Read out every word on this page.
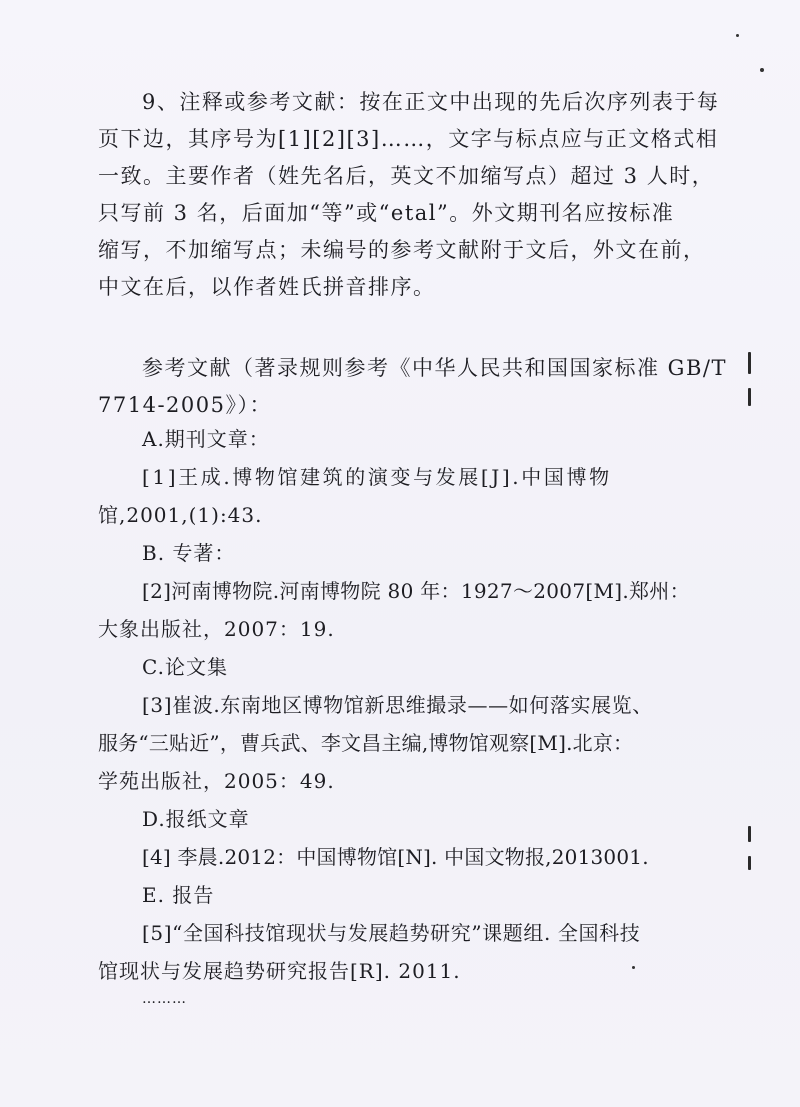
9、注释或参考文献：按在正文中出现的先后次序列表于每
页下边，其序号为[1][2][3]……，文字与标点应与正文格式相
一致。主要作者（姓先名后，英文不加缩写点）超过 3 人时，
只写前 3 名，后面加“等”或“etal”。外文期刊名应按标准
缩写，不加缩写点；未编号的参考文献附于文后，外文在前，
中文在后，以作者姓氏拼音排序。
参考文献（著录规则参考《中华人民共和国国家标准 GB/T
7714-2005》）：
A.期刊文章：
[1]王成.博物馆建筑的演变与发展[J].中国博物
馆,2001,(1):43.
B. 专著：
[2]河南博物院.河南博物院 80 年：1927～2007[M].郑州：
大象出版社，2007：19.
C.论文集
[3]崔波.东南地区博物馆新思维撮录——如何落实展览、
服务“三贴近”，曹兵武、李文昌主编,博物馆观察[M].北京：
学苑出版社，2005：49.
D.报纸文章
[4] 李晨.2012：中国博物馆[N]. 中国文物报,2013001.
E. 报告
[5]“全国科技馆现状与发展趋势研究”课题组. 全国科技
馆现状与发展趋势研究报告[R]. 2011.
………
